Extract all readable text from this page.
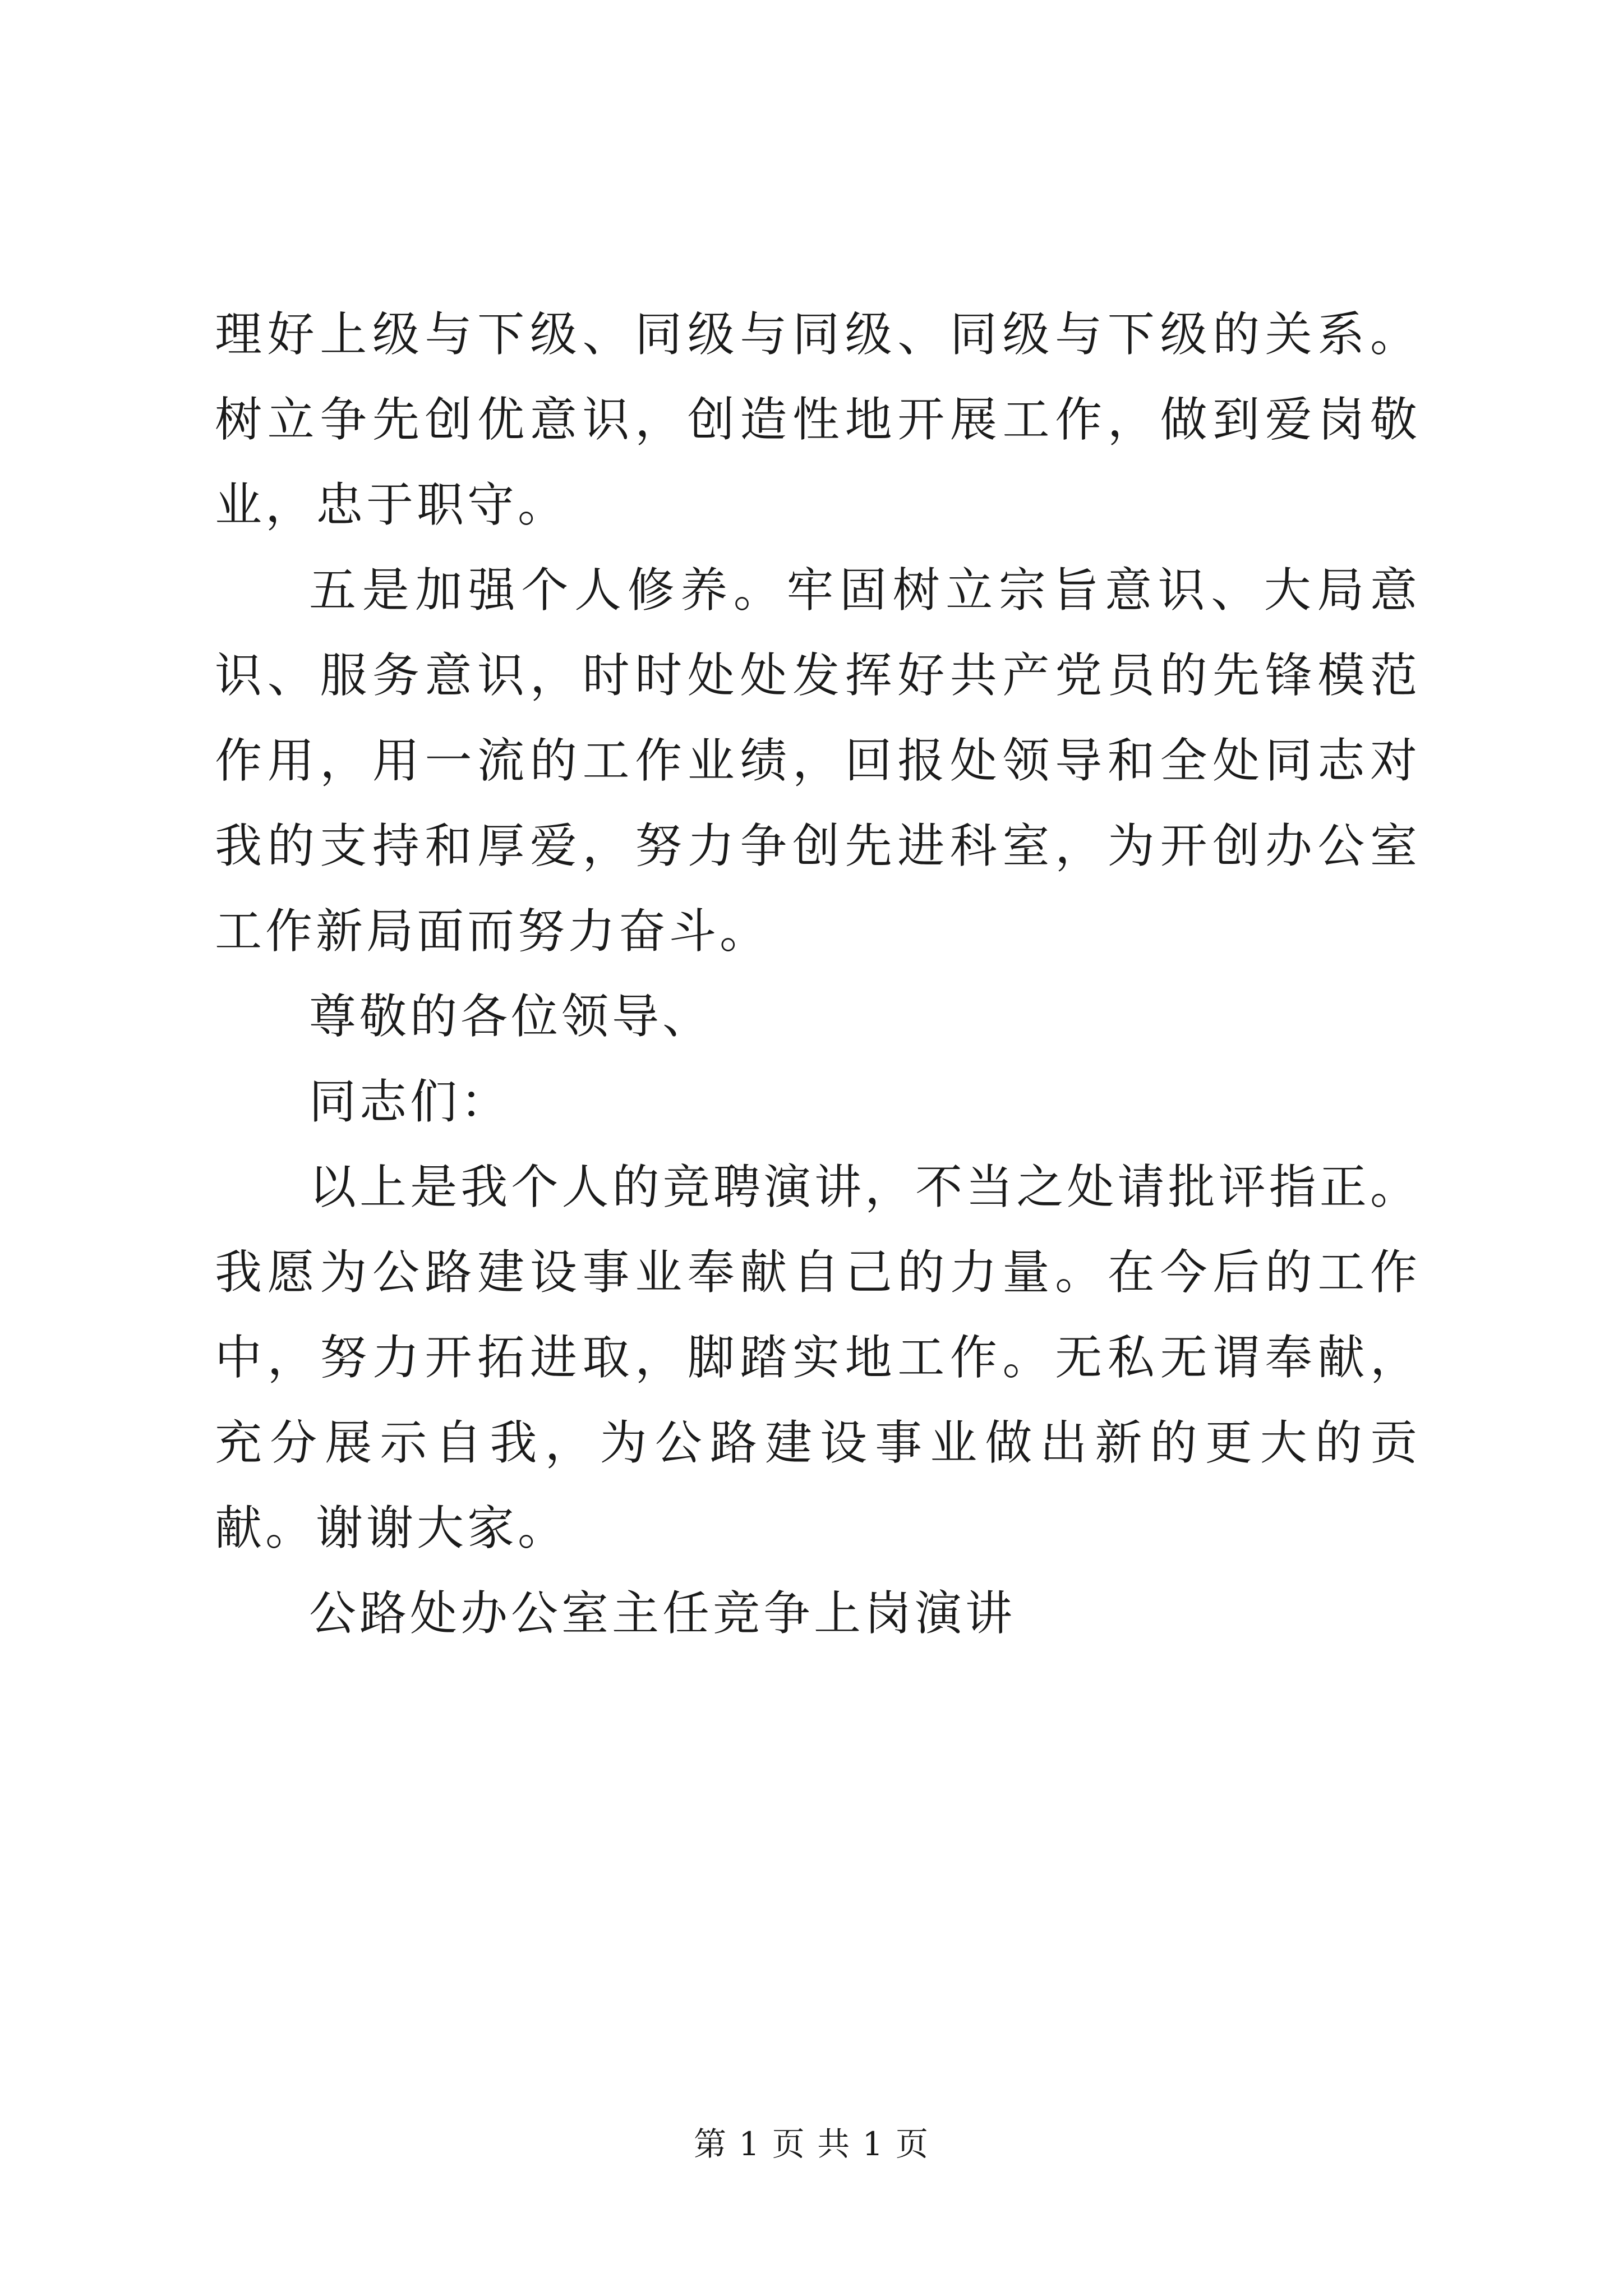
理好上级与下级、同级与同级、同级与下级的关系。树立争先创优意识，创造性地开展工作，做到爱岗敬业，忠于职守。

五是加强个人修养。牢固树立宗旨意识、大局意识、服务意识，时时处处发挥好共产党员的先锋模范作用，用一流的工作业绩，回报处领导和全处同志对我的支持和厚爱，努力争创先进科室，为开创办公室工作新局面而努力奋斗。

尊敬的各位领导、

同志们：

以上是我个人的竞聘演讲，不当之处请批评指正。我愿为公路建设事业奉献自己的力量。在今后的工作中，努力开拓进取，脚踏实地工作。无私无谓奉献，充分展示自我，为公路建设事业做出新的更大的贡献。谢谢大家。

公路处办公室主任竞争上岗演讲

第 1 页 共 1 页
